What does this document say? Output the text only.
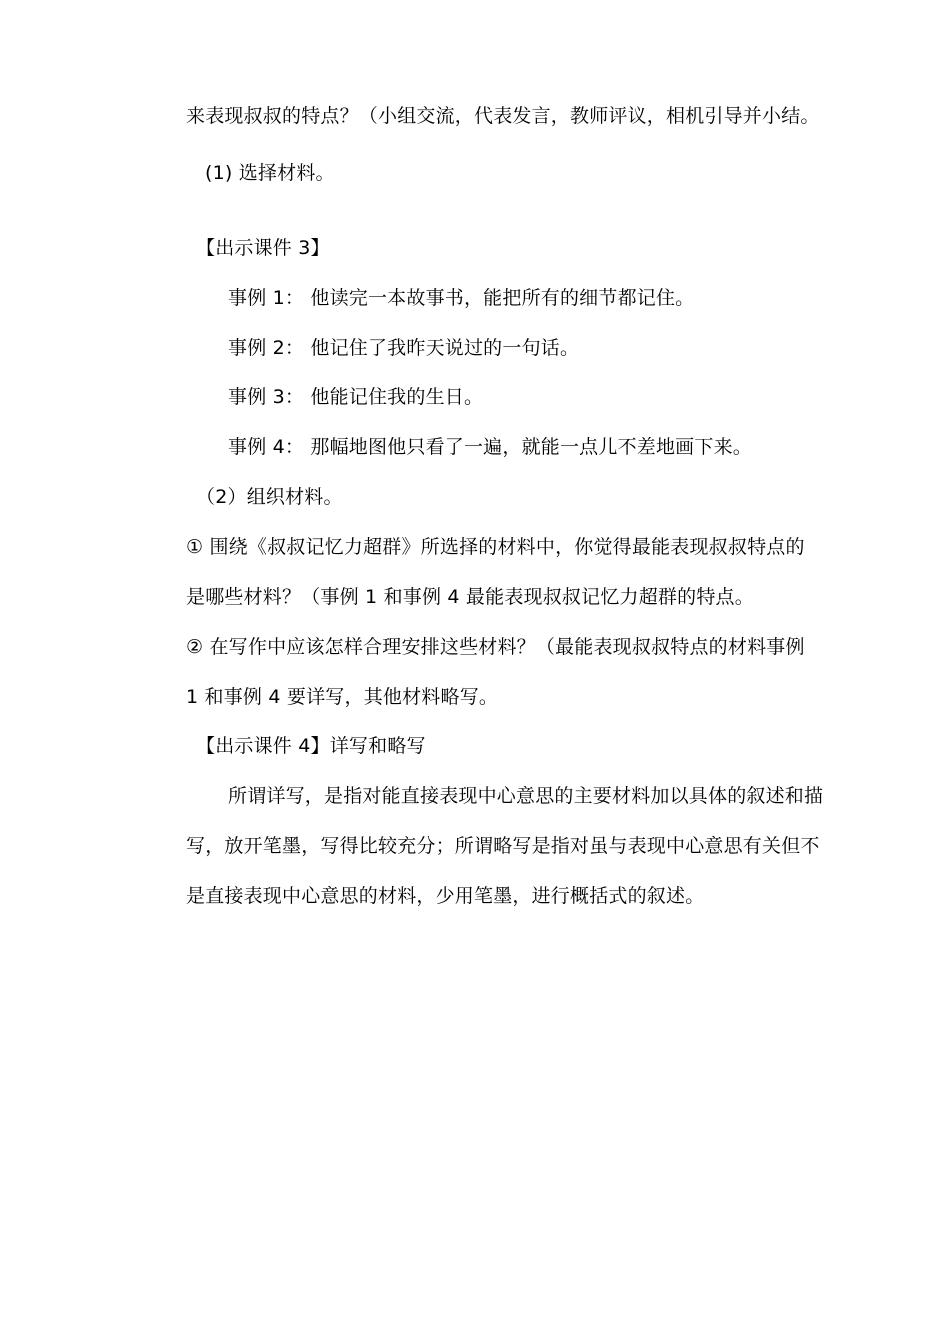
来表现叔叔的特点？（小组交流，代表发言，教师评议，相机引导并小结。
(1) 选择材料。
【出示课件 3】
事例 1： 他读完一本故事书，能把所有的细节都记住。
事例 2： 他记住了我昨天说过的一句话。
事例 3： 他能记住我的生日。
事例 4： 那幅地图他只看了一遍，就能一点儿不差地画下来。
（2）组织材料。
① 围绕《叔叔记忆力超群》所选择的材料中，你觉得最能表现叔叔特点的
是哪些材料？（事例 1 和事例 4 最能表现叔叔记忆力超群的特点。
② 在写作中应该怎样合理安排这些材料？（最能表现叔叔特点的材料事例
1 和事例 4 要详写，其他材料略写。
【出示课件 4】详写和略写
所谓详写，是指对能直接表现中心意思的主要材料加以具体的叙述和描
写，放开笔墨，写得比较充分；所谓略写是指对虽与表现中心意思有关但不
是直接表现中心意思的材料，少用笔墨，进行概括式的叙述。
